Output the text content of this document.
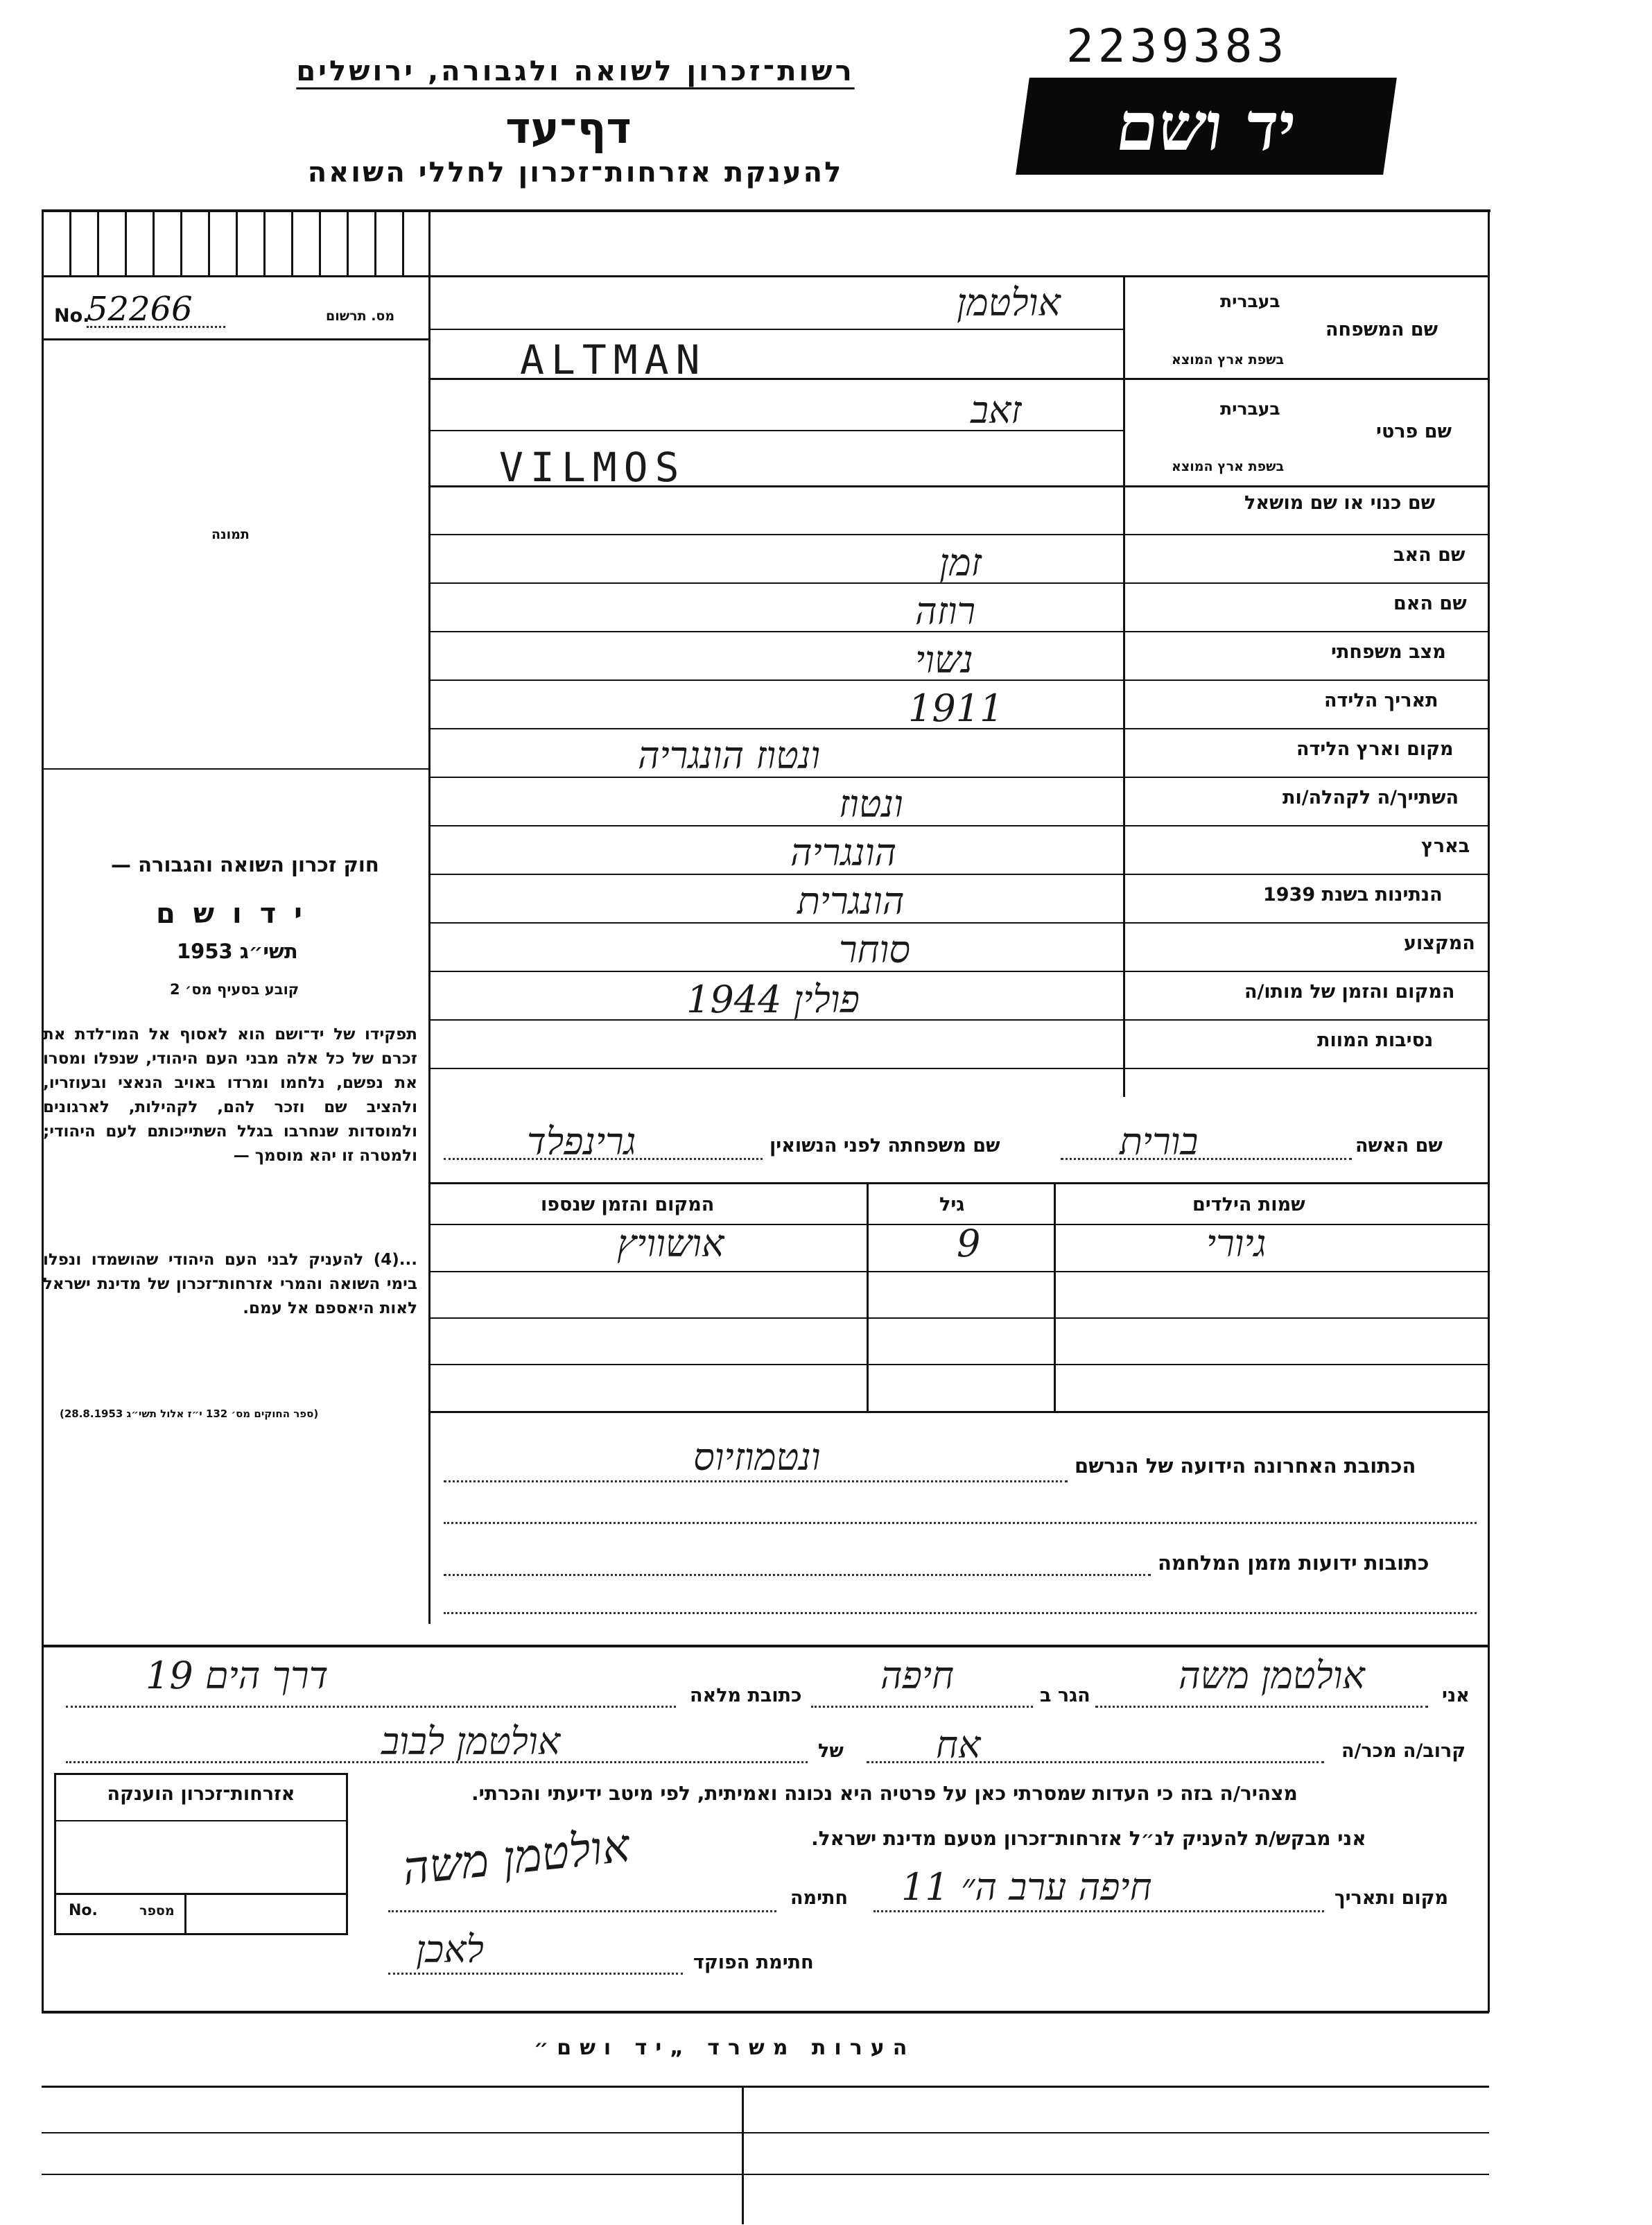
2239383
רשות־זכרון לשואה ולגבורה, ירושלים
דף־עד
להענקת אזרחות־זכרון לחללי השואה
יד ושם
No.
52266	מס. תרשום
תמונה
חוק זכרון השואה והגבורה —
י ד ו ש ם
תשי״ג 1953
קובע בסעיף מס׳ 2
תפקידו של יד־ושם הוא לאסוף אל המו־לדת את זכרם של כל אלה מבני העם היהודי, שנפלו ומסרו את נפשם, נלחמו ומרדו באויב הנאצי ובעוזריו, ולהציב שם וזכר להם, לקהילות, לארגונים ולמוסדות שנחרבו בגלל השתייכותם לעם היהודי; ולמטרה זו יהא מוסמך —
...(4) להעניק לבני העם היהודי שהושמדו ונפלו בימי השואה והמרי אזרחות־זכרון של מדינת ישראל לאות היאספם אל עמם.
(ספר החוקים מס׳ 132 י״ז אלול תשי״ג 28.8.1953)
בעברית
שם המשפחה
בשפת ארץ המוצא
אולטמן
ALTMAN
בעברית
שם פרטי
בשפת ארץ המוצא
זאב
VILMOS
שם כנוי או שם מושאל
שם האב
זמן
שם האם
רוזה
מצב משפחתי
נשוי
תאריך הלידה
1911
מקום וארץ הלידה
ונטוז הונגריה
השתייך/ה לקהלה/ות
ונטוז
בארץ
הונגריה
הנתינות בשנת 1939
הונגרית
המקצוע
סוחר
המקום והזמן של מותו/ה
פולין 1944
נסיבות המוות
שם האשה
בורית
שם משפחתה לפני הנשואין
גרינפלד
שמות הילדים
גיל
המקום והזמן שנספו
גיורי
9
אושוויץ
הכתובת האחרונה הידועה של הנרשם
ונטמוזיוס
כתובות ידועות מזמן המלחמה
אני
אולטמן משה
הגר ב
חיפה
כתובת מלאה
דרך הים 19
קרוב/ה מכר/ה
אח
של
אולטמן לבוב
מצהיר/ה בזה כי העדות שמסרתי כאן על פרטיה היא נכונה ואמיתית, לפי מיטב ידיעתי והכרתי.
אני מבקש/ת להעניק לנ״ל אזרחות־זכרון מטעם מדינת ישראל.
מקום ותאריך
חיפה ערב ה״ 11
חתימה
אולטמן משה
חתימת הפוקד
לאכן
אזרחות־זכרון הוענקה
No.	מספר
הערות משרד „יד ושם״
